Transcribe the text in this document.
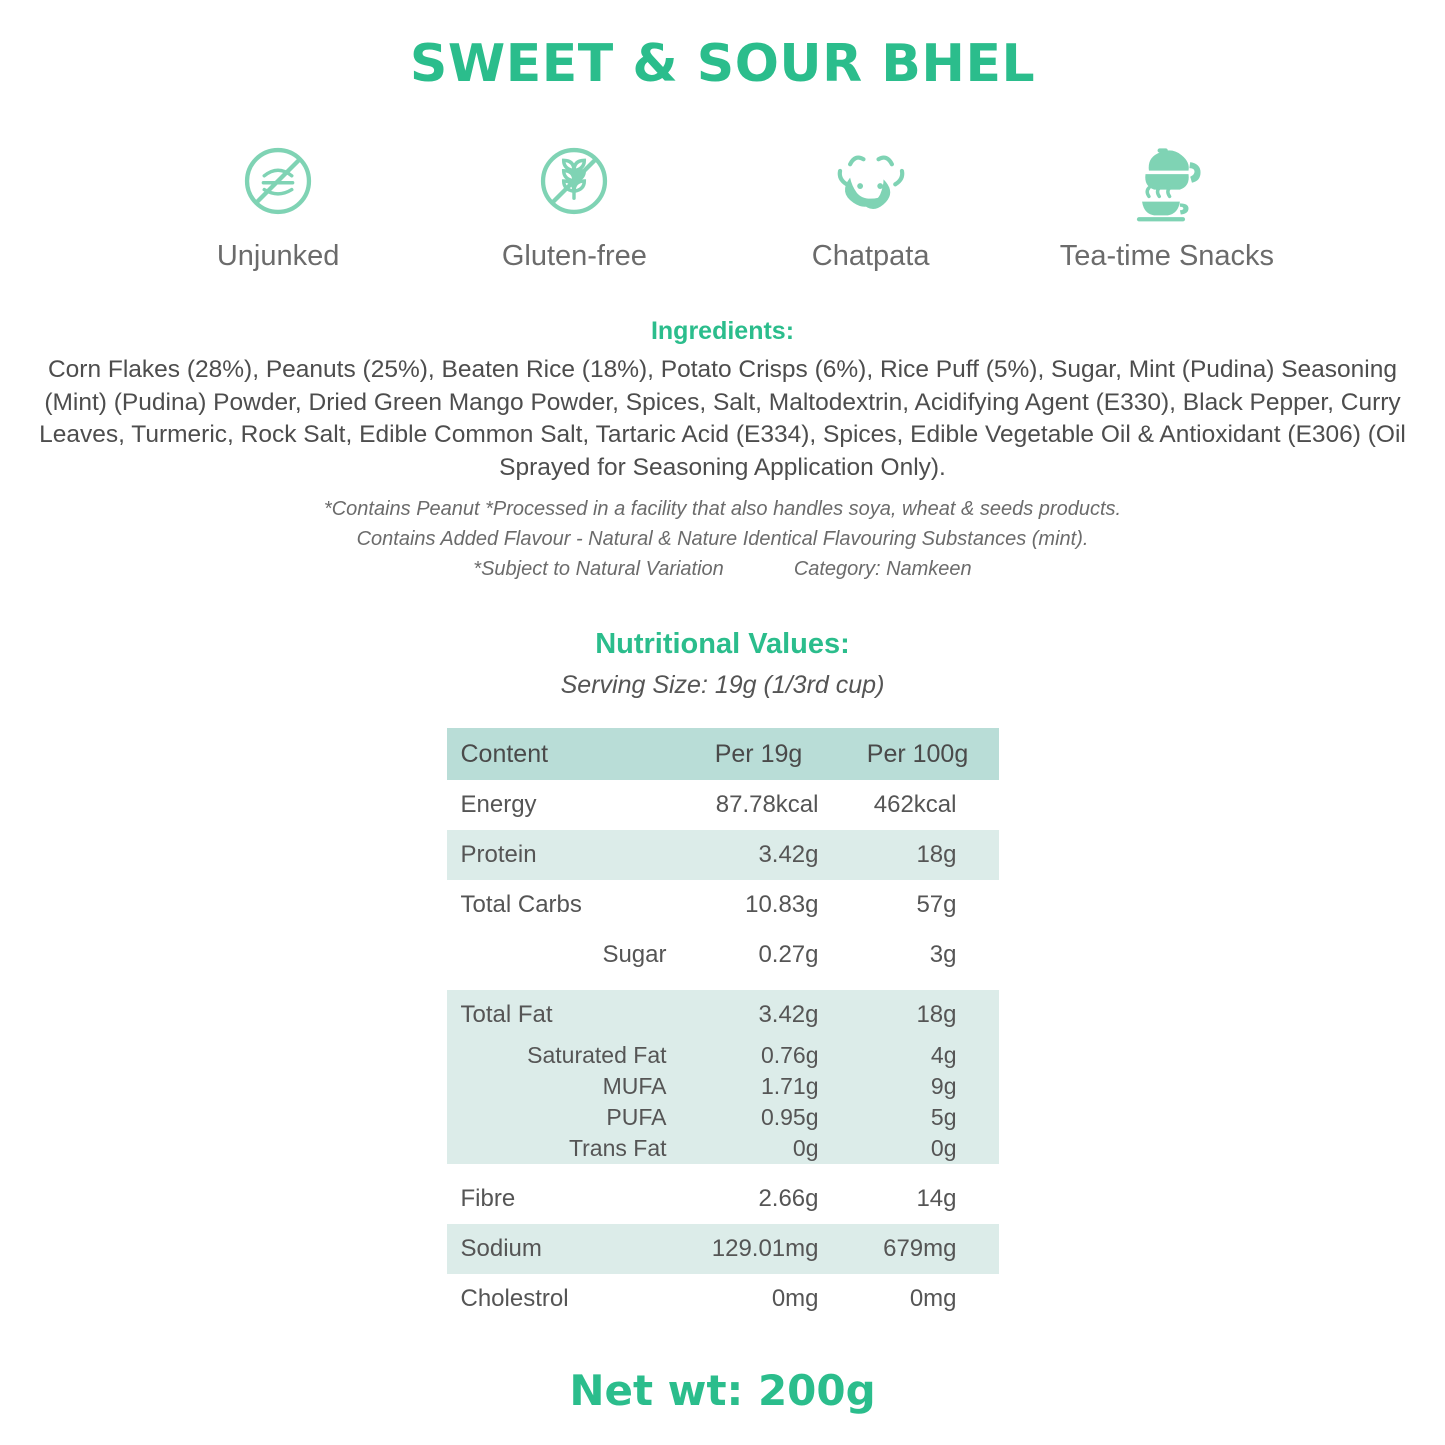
SWEET & SOUR BHEL
Unjunked	Gluten-free	Chatpata	Tea-time Snacks
Ingredients:
Corn Flakes (28%), Peanuts (25%), Beaten Rice (18%), Potato Crisps (6%), Rice Puff (5%), Sugar, Mint (Pudina) Seasoning (Mint) (Pudina) Powder, Dried Green Mango Powder, Spices, Salt, Maltodextrin, Acidifying Agent (E330), Black Pepper, Curry Leaves, Turmeric, Rock Salt, Edible Common Salt, Tartaric Acid (E334), Spices, Edible Vegetable Oil & Antioxidant (E306) (Oil Sprayed for Seasoning Application Only).
*Contains Peanut *Processed in a facility that also handles soya, wheat & seeds products.
Contains Added Flavour - Natural & Nature Identical Flavouring Substances (mint).
*Subject to Natural Variation	Category: Namkeen
Nutritional Values:
Serving Size: 19g (1/3rd cup)
Content	Per 19g	Per 100g
Energy	87.78kcal	462kcal
Protein	3.42g	18g
Total Carbs	10.83g	57g
Sugar	0.27g	3g

Total Fat	3.42g	18g
Saturated Fat	0.76g	4g
MUFA	1.71g	9g
PUFA	0.95g	5g
Trans Fat	0g	0g

Fibre	2.66g	14g
Sodium	129.01mg	679mg
Cholestrol	0mg	0mg
Net wt: 200g
